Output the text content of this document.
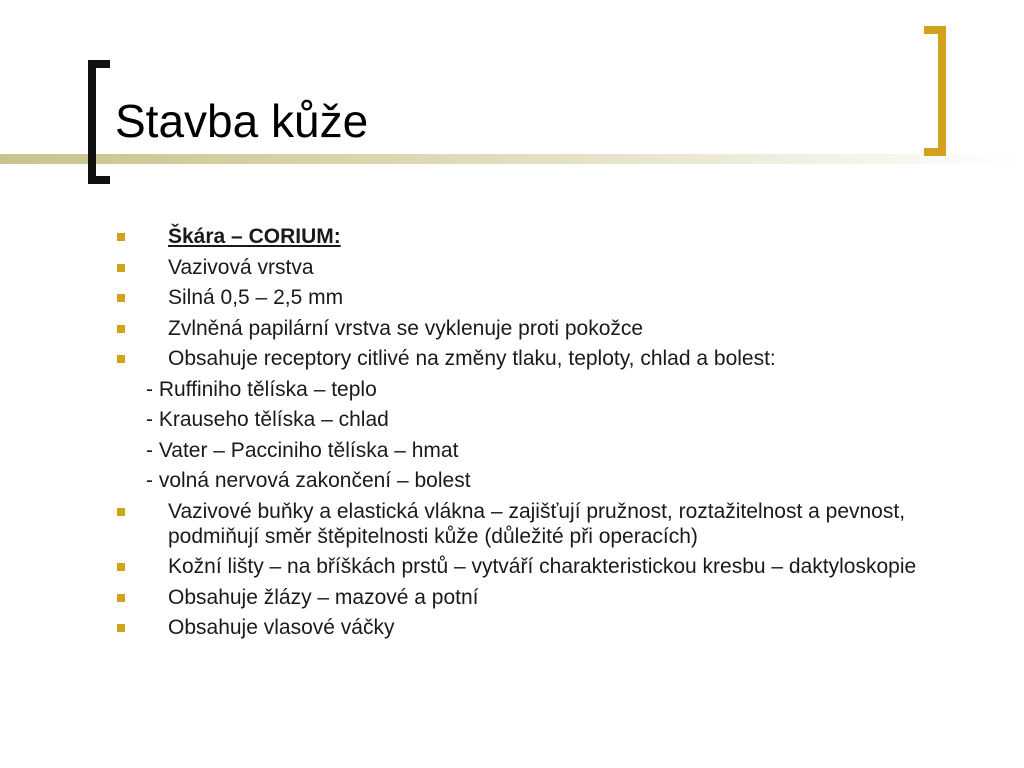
Stavba kůže
Škára – CORIUM:
Vazivová vrstva
Silná 0,5 – 2,5 mm
Zvlněná papilární vrstva se vyklenuje proti pokožce
Obsahuje receptory citlivé na změny tlaku, teploty, chlad a bolest:
- Ruffiniho tělíska – teplo
- Krauseho tělíska – chlad
- Vater – Pacciniho tělíska – hmat
- volná nervová zakončení – bolest
Vazivové buňky a elastická vlákna – zajišťují pružnost, roztažitelnost a pevnost, podmiňují směr štěpitelnosti kůže (důležité při operacích)
Kožní lišty – na bříškách prstů – vytváří charakteristickou kresbu – daktyloskopie
Obsahuje žlázy – mazové a potní
Obsahuje vlasové váčky
